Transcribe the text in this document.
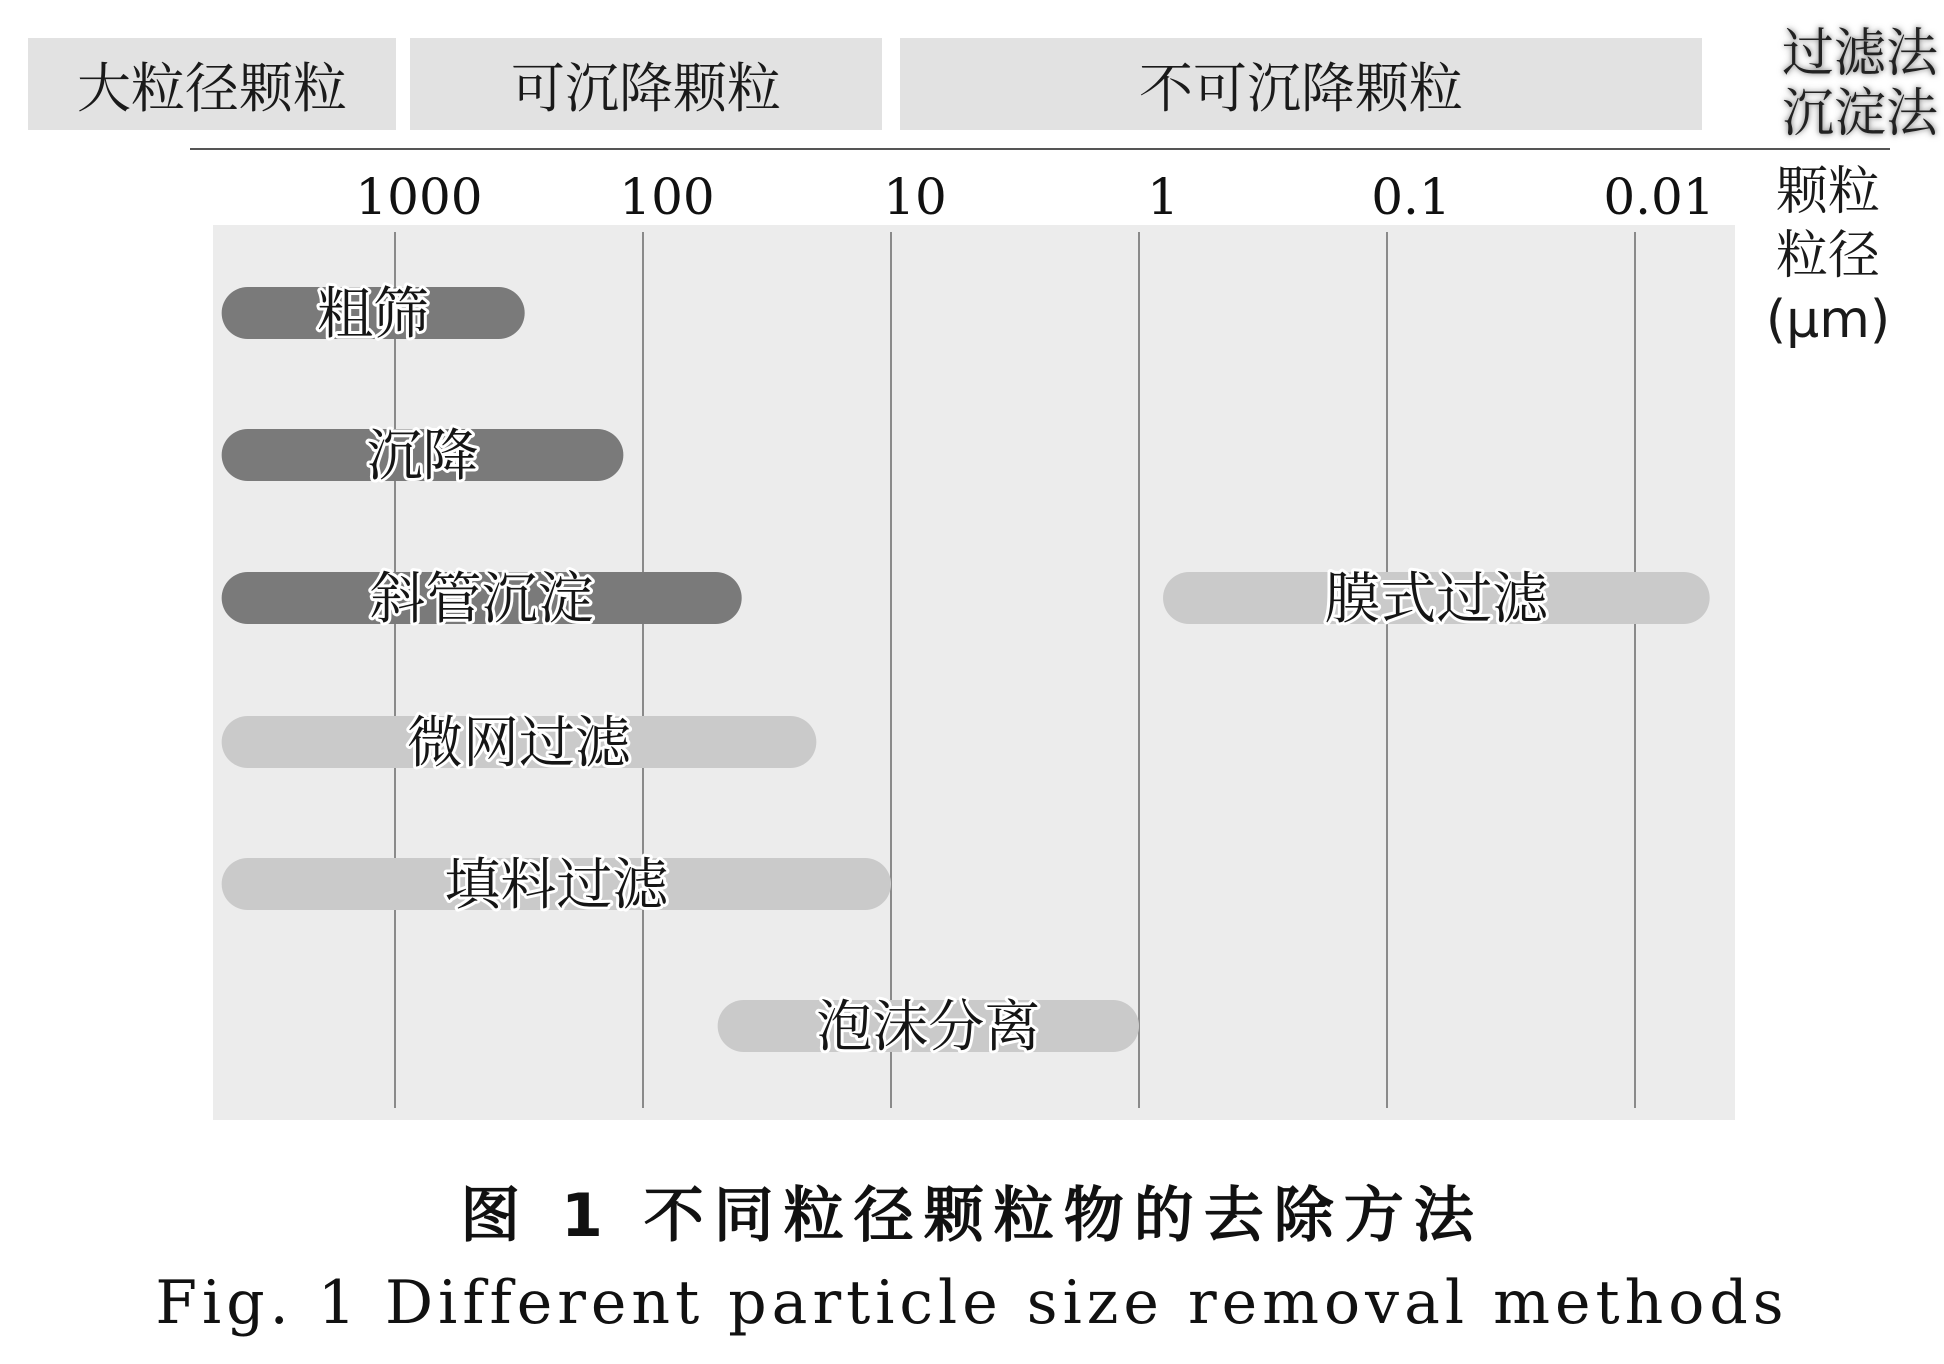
大粒径颗粒	可沉降颗粒	不可沉降颗粒
过滤法
沉淀法
1000	100	10	1	0.1	0.01
粗筛
沉降
斜管沉淀
微网过滤
填料过滤
泡沫分离
膜式过滤
颗粒
粒径
(μm)
图 1 不同粒径颗粒物的去除方法
Fig. 1 Different particle size removal methods
